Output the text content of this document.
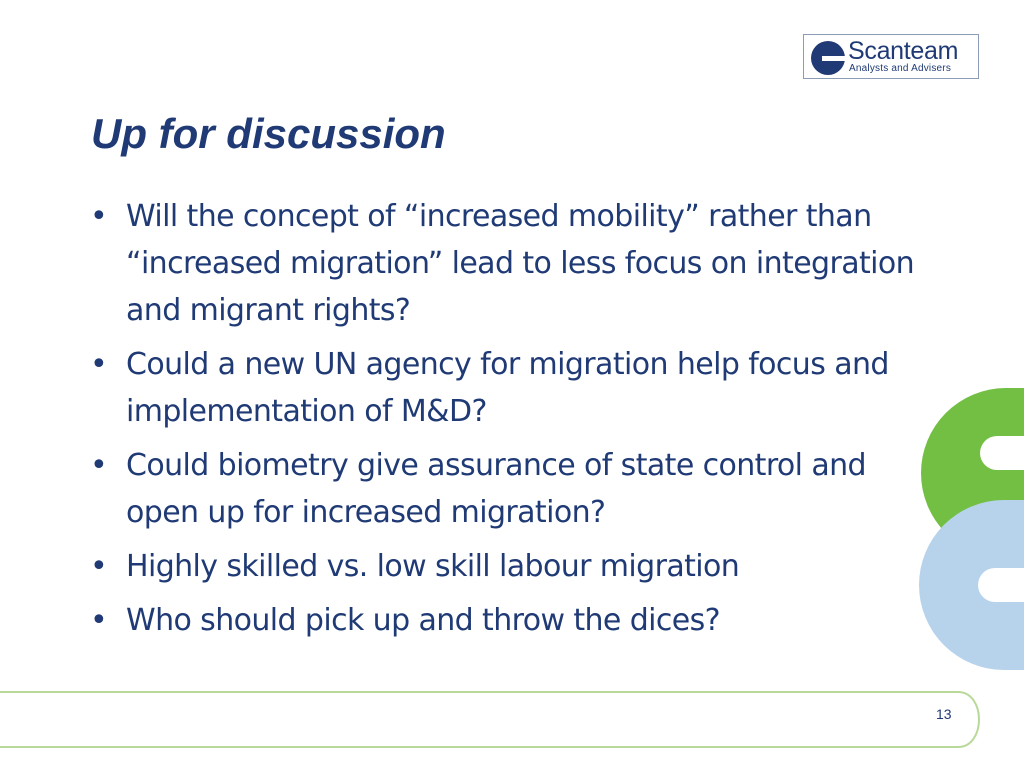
Scanteam
Analysts and Advisers
Up for discussion
• Will the concept of “increased mobility” rather than “increased migration” lead to less focus on integration and migrant rights?
• Could a new UN agency for migration help focus and implementation of M&D?
• Could biometry give assurance of state control and open up for increased migration?
• Highly skilled vs. low skill labour migration
• Who should pick up and throw the dices?
13
